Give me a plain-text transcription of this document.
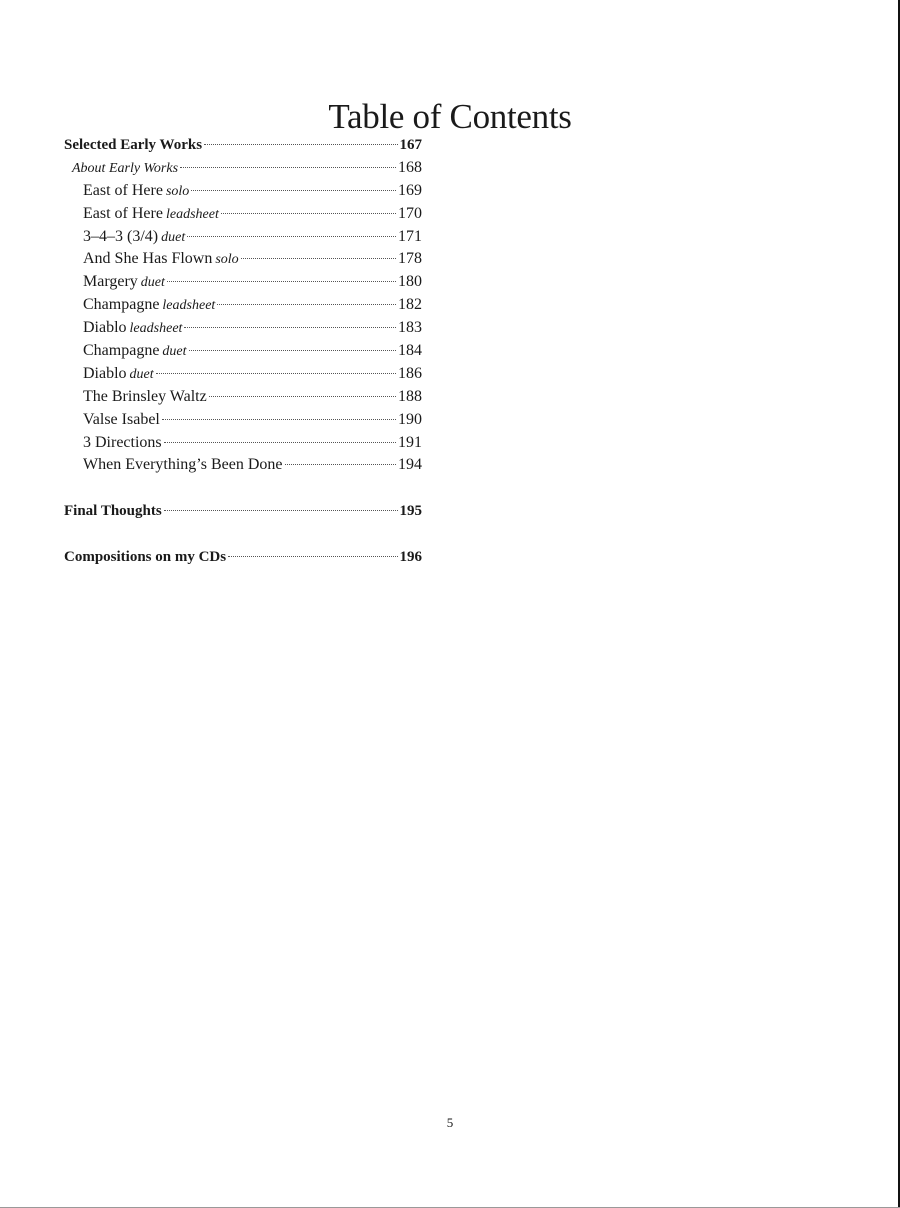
Table of Contents
Selected Early Works	167
About Early Works	168
East of Here solo	169
East of Here leadsheet	170
3–4–3 (3/4) duet	171
And She Has Flown solo	178
Margery duet	180
Champagne leadsheet	182
Diablo leadsheet	183
Champagne duet	184
Diablo duet	186
The Brinsley Waltz	188
Valse Isabel	190
3 Directions	191
When Everything’s Been Done	194
Final Thoughts	195
Compositions on my CDs	196
5
